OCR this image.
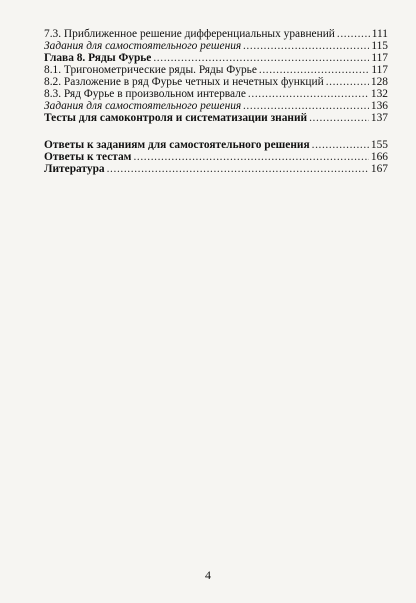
7.3. Приближенное решение дифференциальных уравнений .....	111
Задания для самостоятельного решения .....	115
Глава 8. Ряды Фурье .....	117
8.1. Тригонометрические ряды. Ряды Фурье .....	117
8.2. Разложение в ряд Фурье четных и нечетных функций .....	128
8.3. Ряд Фурье в произвольном интервале .....	132
Задания для самостоятельного решения .....	136
Тесты для самоконтроля и систематизации знаний .....	137
Ответы к заданиям для самостоятельного решения .....	155
Ответы к тестам .....	166
Литература .....	167
4
